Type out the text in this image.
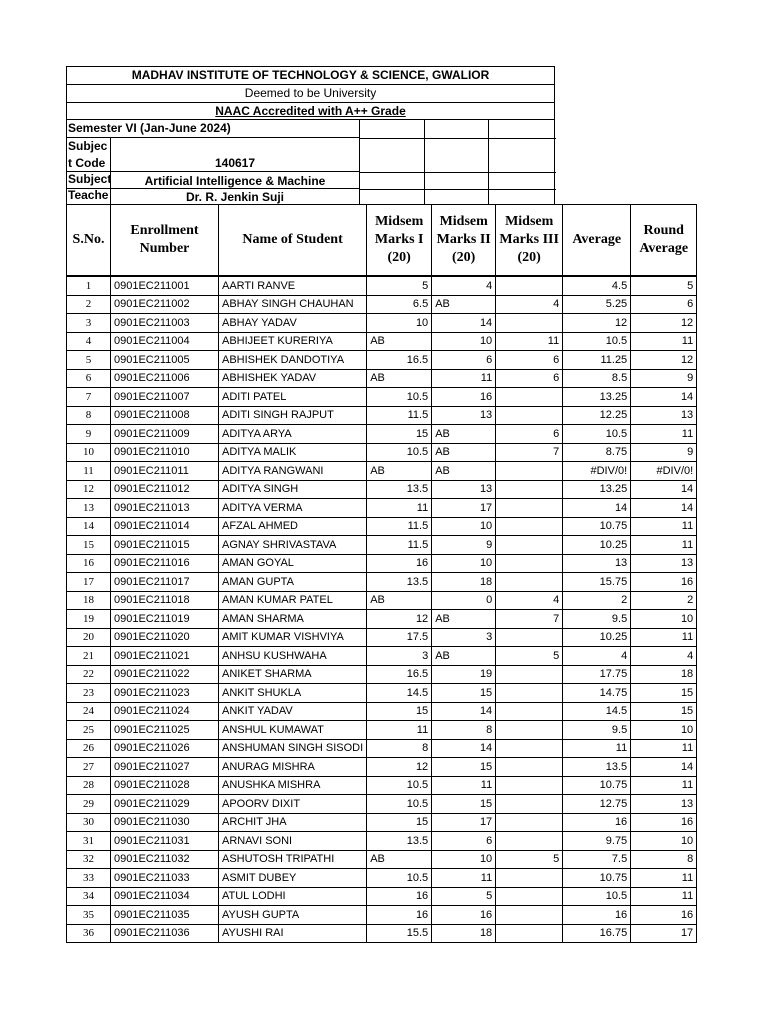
MADHAV INSTITUTE OF TECHNOLOGY & SCIENCE, GWALIOR
Deemed to be University
NAAC Accredited with A++ Grade
Semester VI (Jan-June 2024)
Subjec
t Code	140617
Subject	Artificial Intelligence & Machine
Teache	Dr. R. Jenkin Suji
S.No.	Enrollment Number	Name of Student	Midsem Marks I (20)	Midsem Marks II (20)	Midsem Marks III (20)	Average	Round Average
1	0901EC211001	AARTI RANVE	5	4		4.5	5
2	0901EC211002	ABHAY SINGH CHAUHAN	6.5	AB	4	5.25	6
3	0901EC211003	ABHAY YADAV	10	14		12	12
4	0901EC211004	ABHIJEET KURERIYA	AB	10	11	10.5	11
5	0901EC211005	ABHISHEK DANDOTIYA	16.5	6	6	11.25	12
6	0901EC211006	ABHISHEK YADAV	AB	11	6	8.5	9
7	0901EC211007	ADITI PATEL	10.5	16		13.25	14
8	0901EC211008	ADITI SINGH RAJPUT	11.5	13		12.25	13
9	0901EC211009	ADITYA ARYA	15	AB	6	10.5	11
10	0901EC211010	ADITYA MALIK	10.5	AB	7	8.75	9
11	0901EC211011	ADITYA RANGWANI	AB	AB		#DIV/0!	#DIV/0!
12	0901EC211012	ADITYA SINGH	13.5	13		13.25	14
13	0901EC211013	ADITYA VERMA	11	17		14	14
14	0901EC211014	AFZAL AHMED	11.5	10		10.75	11
15	0901EC211015	AGNAY SHRIVASTAVA	11.5	9		10.25	11
16	0901EC211016	AMAN GOYAL	16	10		13	13
17	0901EC211017	AMAN GUPTA	13.5	18		15.75	16
18	0901EC211018	AMAN KUMAR PATEL	AB	0	4	2	2
19	0901EC211019	AMAN SHARMA	12	AB	7	9.5	10
20	0901EC211020	AMIT KUMAR VISHVIYA	17.5	3		10.25	11
21	0901EC211021	ANHSU KUSHWAHA	3	AB	5	4	4
22	0901EC211022	ANIKET SHARMA	16.5	19		17.75	18
23	0901EC211023	ANKIT SHUKLA	14.5	15		14.75	15
24	0901EC211024	ANKIT YADAV	15	14		14.5	15
25	0901EC211025	ANSHUL KUMAWAT	11	8		9.5	10
26	0901EC211026	ANSHUMAN SINGH SISODI	8	14		11	11
27	0901EC211027	ANURAG MISHRA	12	15		13.5	14
28	0901EC211028	ANUSHKA MISHRA	10.5	11		10.75	11
29	0901EC211029	APOORV DIXIT	10.5	15		12.75	13
30	0901EC211030	ARCHIT JHA	15	17		16	16
31	0901EC211031	ARNAVI SONI	13.5	6		9.75	10
32	0901EC211032	ASHUTOSH TRIPATHI	AB	10	5	7.5	8
33	0901EC211033	ASMIT DUBEY	10.5	11		10.75	11
34	0901EC211034	ATUL LODHI	16	5		10.5	11
35	0901EC211035	AYUSH GUPTA	16	16		16	16
36	0901EC211036	AYUSHI RAI	15.5	18		16.75	17
